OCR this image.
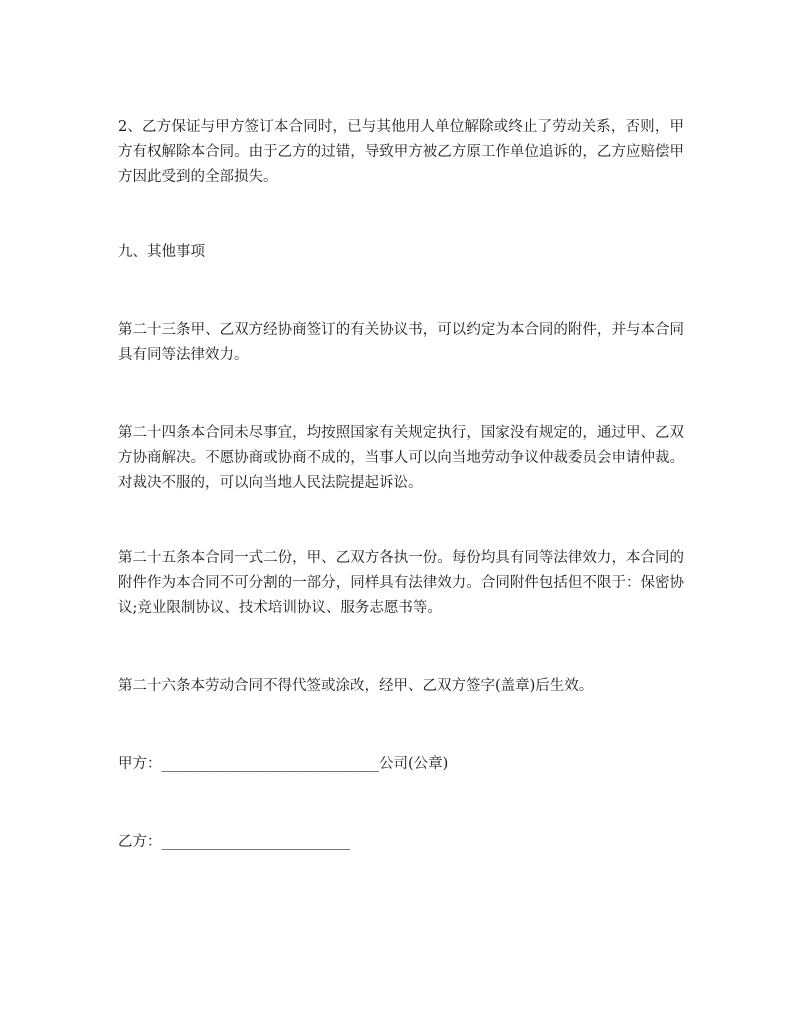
2、乙方保证与甲方签订本合同时，已与其他用人单位解除或终止了劳动关系，否则，甲方有权解除本合同。由于乙方的过错，导致甲方被乙方原工作单位追诉的，乙方应赔偿甲方因此受到的全部损失。

九、其他事项

第二十三条甲、乙双方经协商签订的有关协议书，可以约定为本合同的附件，并与本合同具有同等法律效力。

第二十四条本合同未尽事宜，均按照国家有关规定执行，国家没有规定的，通过甲、乙双方协商解决。不愿协商或协商不成的，当事人可以向当地劳动争议仲裁委员会申请仲裁。对裁决不服的，可以向当地人民法院提起诉讼。

第二十五条本合同一式二份，甲、乙双方各执一份。每份均具有同等法律效力，本合同的附件作为本合同不可分割的一部分，同样具有法律效力。合同附件包括但不限于：保密协议;竞业限制协议、技术培训协议、服务志愿书等。

第二十六条本劳动合同不得代签或涂改，经甲、乙双方签字(盖章)后生效。

甲方：______________________________公司(公章)

乙方：__________________________
